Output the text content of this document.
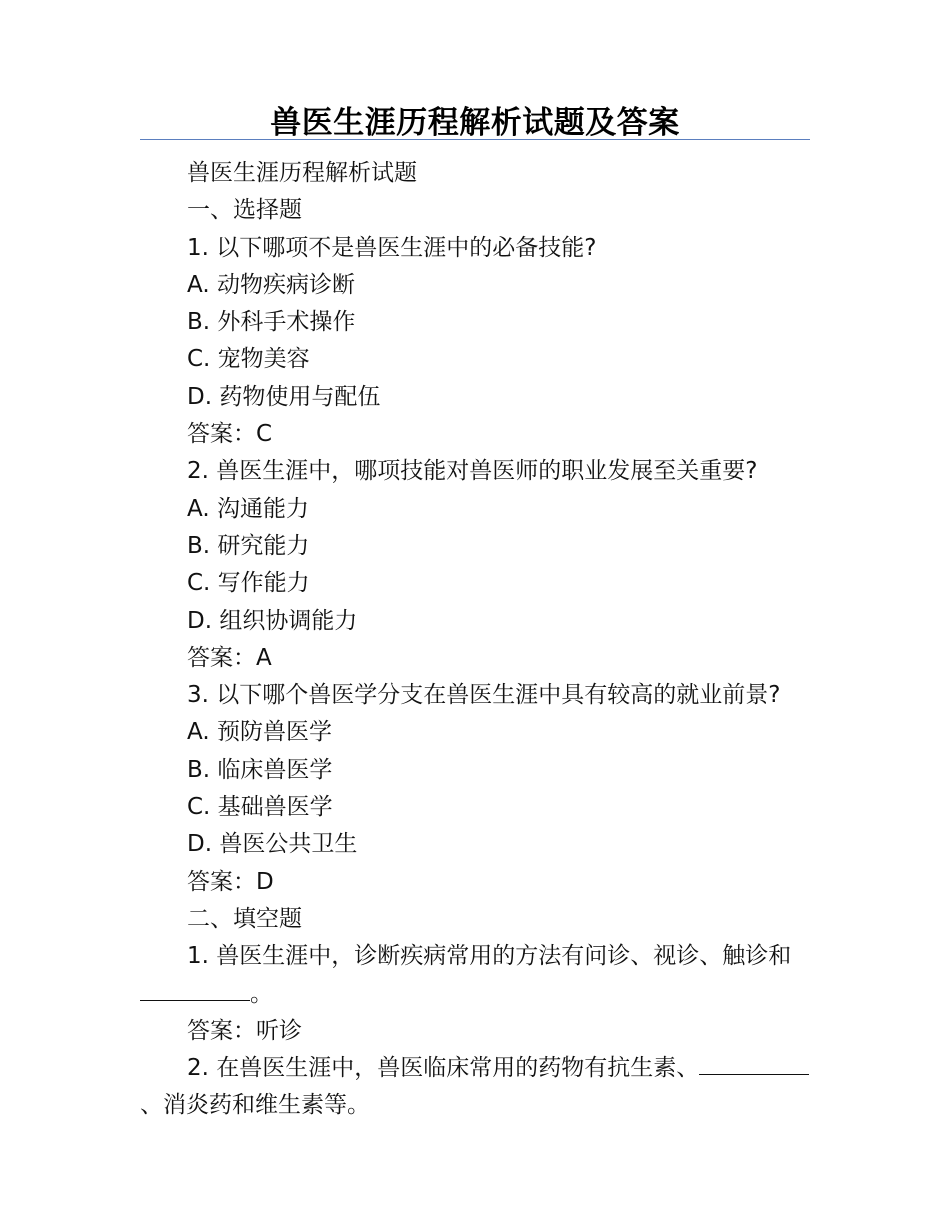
兽医生涯历程解析试题及答案

兽医生涯历程解析试题

一、选择题

1. 以下哪项不是兽医生涯中的必备技能?

A. 动物疾病诊断

B. 外科手术操作

C. 宠物美容

D. 药物使用与配伍

答案：C

2. 兽医生涯中，哪项技能对兽医师的职业发展至关重要?

A. 沟通能力

B. 研究能力

C. 写作能力

D. 组织协调能力

答案：A

3. 以下哪个兽医学分支在兽医生涯中具有较高的就业前景?

A. 预防兽医学

B. 临床兽医学

C. 基础兽医学

D. 兽医公共卫生

答案：D

二、填空题

1. 兽医生涯中，诊断疾病常用的方法有问诊、视诊、触诊和。

答案：听诊

2. 在兽医生涯中，兽医临床常用的药物有抗生素、、消炎药和维生素等。
